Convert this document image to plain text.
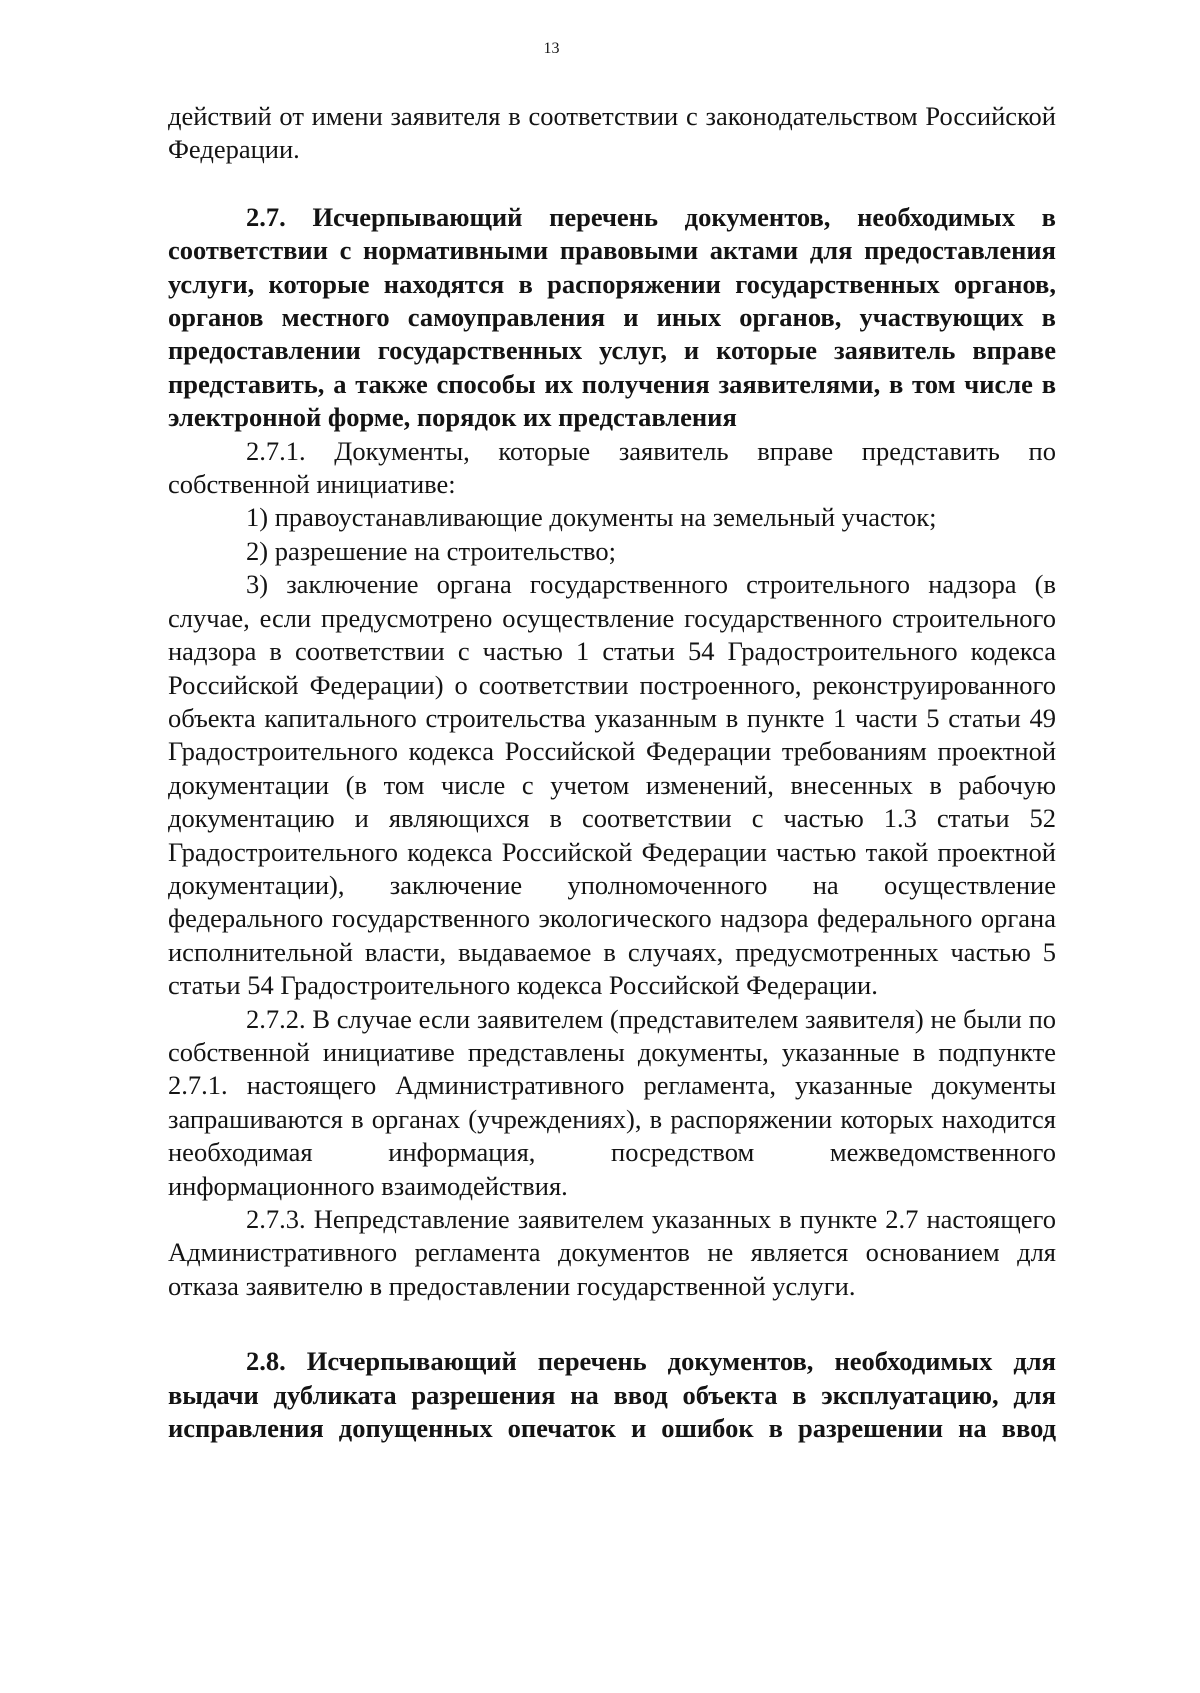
13

действий от имени заявителя в соответствии с законодательством Российской Федерации.

2.7. Исчерпывающий перечень документов, необходимых в соответствии с нормативными правовыми актами для предоставления услуги, которые находятся в распоряжении государственных органов, органов местного самоуправления и иных органов, участвующих в предоставлении государственных услуг, и которые заявитель вправе представить, а также способы их получения заявителями, в том числе в электронной форме, порядок их представления

2.7.1. Документы, которые заявитель вправе представить по собственной инициативе:

1) правоустанавливающие документы на земельный участок;

2) разрешение на строительство;

3) заключение органа государственного строительного надзора (в случае, если предусмотрено осуществление государственного строительного надзора в соответствии с частью 1 статьи 54 Градостроительного кодекса Российской Федерации) о соответствии построенного, реконструированного объекта капитального строительства указанным в пункте 1 части 5 статьи 49 Градостроительного кодекса Российской Федерации требованиям проектной документации (в том числе с учетом изменений, внесенных в рабочую документацию и являющихся в соответствии с частью 1.3 статьи 52 Градостроительного кодекса Российской Федерации частью такой проектной документации), заключение уполномоченного на осуществление федерального государственного экологического надзора федерального органа исполнительной власти, выдаваемое в случаях, предусмотренных частью 5 статьи 54 Градостроительного кодекса Российской Федерации.

2.7.2. В случае если заявителем (представителем заявителя) не были по собственной инициативе представлены документы, указанные в подпункте 2.7.1. настоящего Административного регламента, указанные документы запрашиваются в органах (учреждениях), в распоряжении которых находится необходимая информация, посредством межведомственного информационного взаимодействия.

2.7.3. Непредставление заявителем указанных в пункте 2.7 настоящего Административного регламента документов не является основанием для отказа заявителю в предоставлении государственной услуги.

2.8. Исчерпывающий перечень документов, необходимых для выдачи дубликата разрешения на ввод объекта в эксплуатацию, для исправления допущенных опечаток и ошибок в разрешении на ввод
